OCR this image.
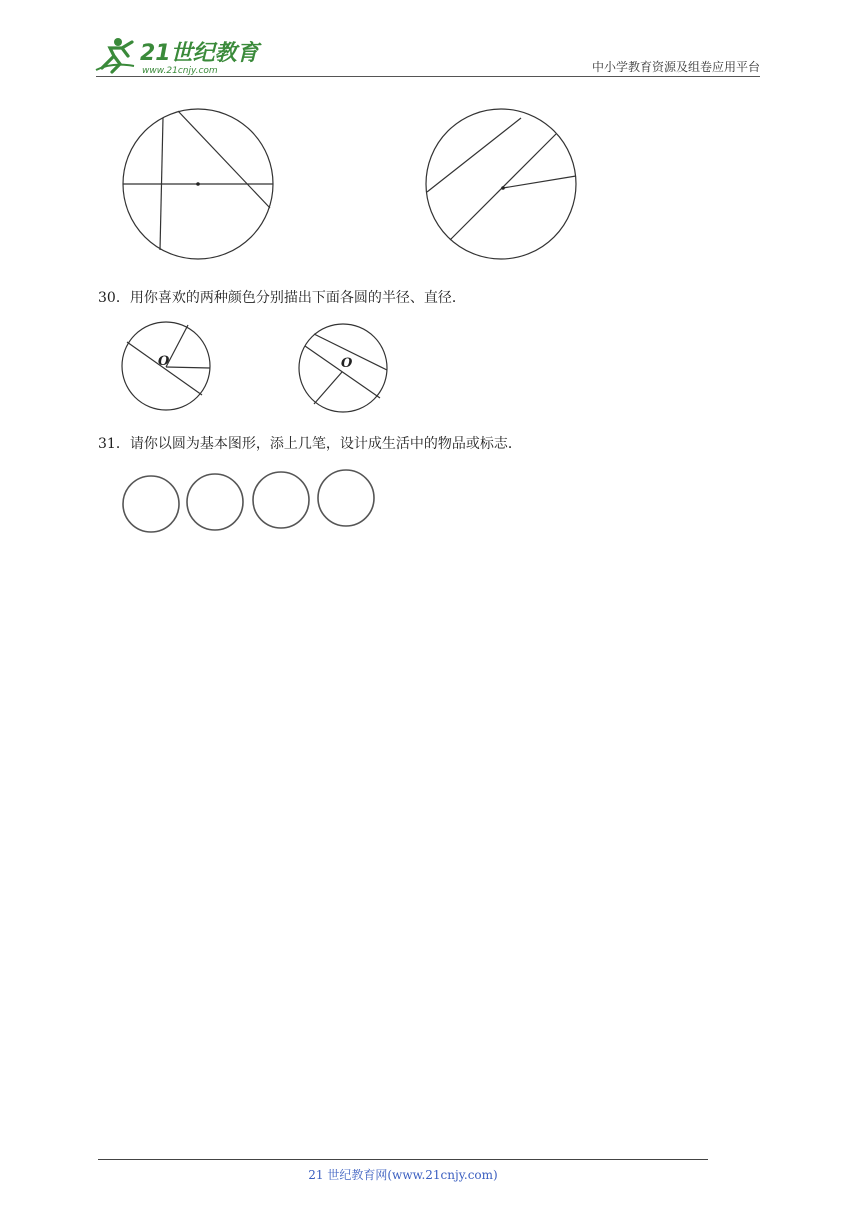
21世纪教育
www.21cnjy.com	中小学教育资源及组卷应用平台
30．用你喜欢的两种颜色分别描出下面各圆的半径、直径．
O	O
31．请你以圆为基本图形，添上几笔，设计成生活中的物品或标志．
21 世纪教育网(www.21cnjy.com)
